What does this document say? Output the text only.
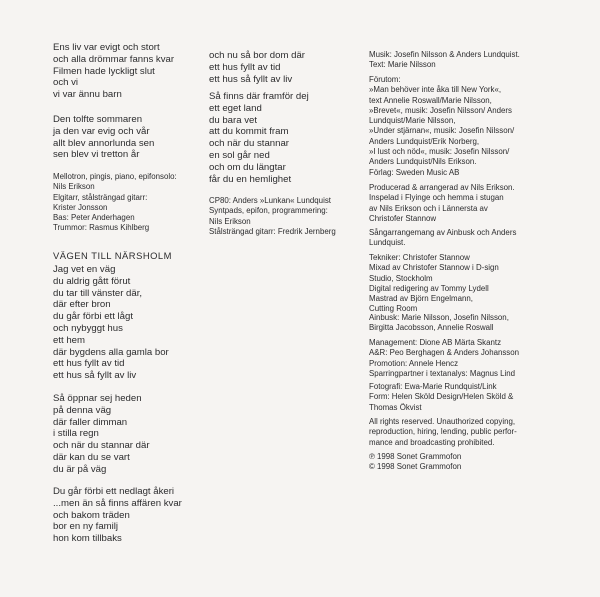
Ens liv var evigt och stort
och alla drömmar fanns kvar
Filmen hade lyckligt slut
och vi
vi var ännu barn

Den tolfte sommaren
ja den var evig och vår
allt blev annorlunda sen
sen blev vi tretton år

Mellotron, pingis, piano, epifonsolo:
Nils Erikson
Elgitarr, stålsträngad gitarr:
Krister Jonsson
Bas: Peter Anderhagen
Trummor: Rasmus Kihlberg

VÄGEN TILL NÄRSHOLM

Jag vet en väg
du aldrig gått förut
du tar till vänster där,
där efter bron
du går förbi ett lågt
och nybyggt hus
ett hem
där bygdens alla gamla bor
ett hus fyllt av tid
ett hus så fyllt av liv

Så öppnar sej heden
på denna väg
där faller dimman
i stilla regn
och när du stannar där
där kan du se vart
du är på väg

Du går förbi ett nedlagt åkeri
...men än så finns affären kvar
och bakom träden
bor en ny familj
hon kom tillbaks

och nu så bor dom där
ett hus fyllt av tid
ett hus så fyllt av liv

Så finns där framför dej
ett eget land
du bara vet
att du kommit fram
och när du stannar
en sol går ned
och om du längtar
får du en hemlighet

CP80: Anders »Lunkan« Lundquist
Syntpads, epifon, programmering:
Nils Erikson
Stålsträngad gitarr: Fredrik Jernberg

Musik: Josefin Nilsson & Anders Lundquist.
Text: Marie Nilsson

Förutom:
»Man behöver inte åka till New York«,
text Annelie Roswall/Marie Nilsson,
»Brevet«, musik: Josefin Nilsson/ Anders
Lundquist/Marie Nilsson,
»Under stjärnan«, musik: Josefin Nilsson/
Anders Lundquist/Erik Norberg,
»I lust och nöd«, musik: Josefin Nilsson/
Anders Lundquist/Nils Erikson.
Förlag: Sweden Music AB

Producerad & arrangerad av Nils Erikson.
Inspelad i Flyinge och hemma i stugan
av Nils Erikson och i Lännersta av
Christofer Stannow

Sångarrangemang av Ainbusk och Anders
Lundquist.

Tekniker: Christofer Stannow
Mixad av Christofer Stannow i D-sign
Studio, Stockholm
Digital redigering av Tommy Lydell
Mastrad av Björn Engelmann,
Cutting Room

Ainbusk: Marie Nilsson, Josefin Nilsson,
Birgitta Jacobsson, Annelie Roswall

Management: Dione AB Märta Skantz
A&R: Peo Berghagen & Anders Johansson
Promotion: Annele Hencz
Sparringpartner i textanalys: Magnus Lind

Fotografi: Ewa-Marie Rundquist/Link
Form: Helen Sköld Design/Helen Sköld &
Thomas Ökvist

All rights reserved. Unauthorized copying,
reproduction, hiring, lending, public perfor-
mance and broadcasting prohibited.

℗ 1998 Sonet Grammofon
© 1998 Sonet Grammofon
